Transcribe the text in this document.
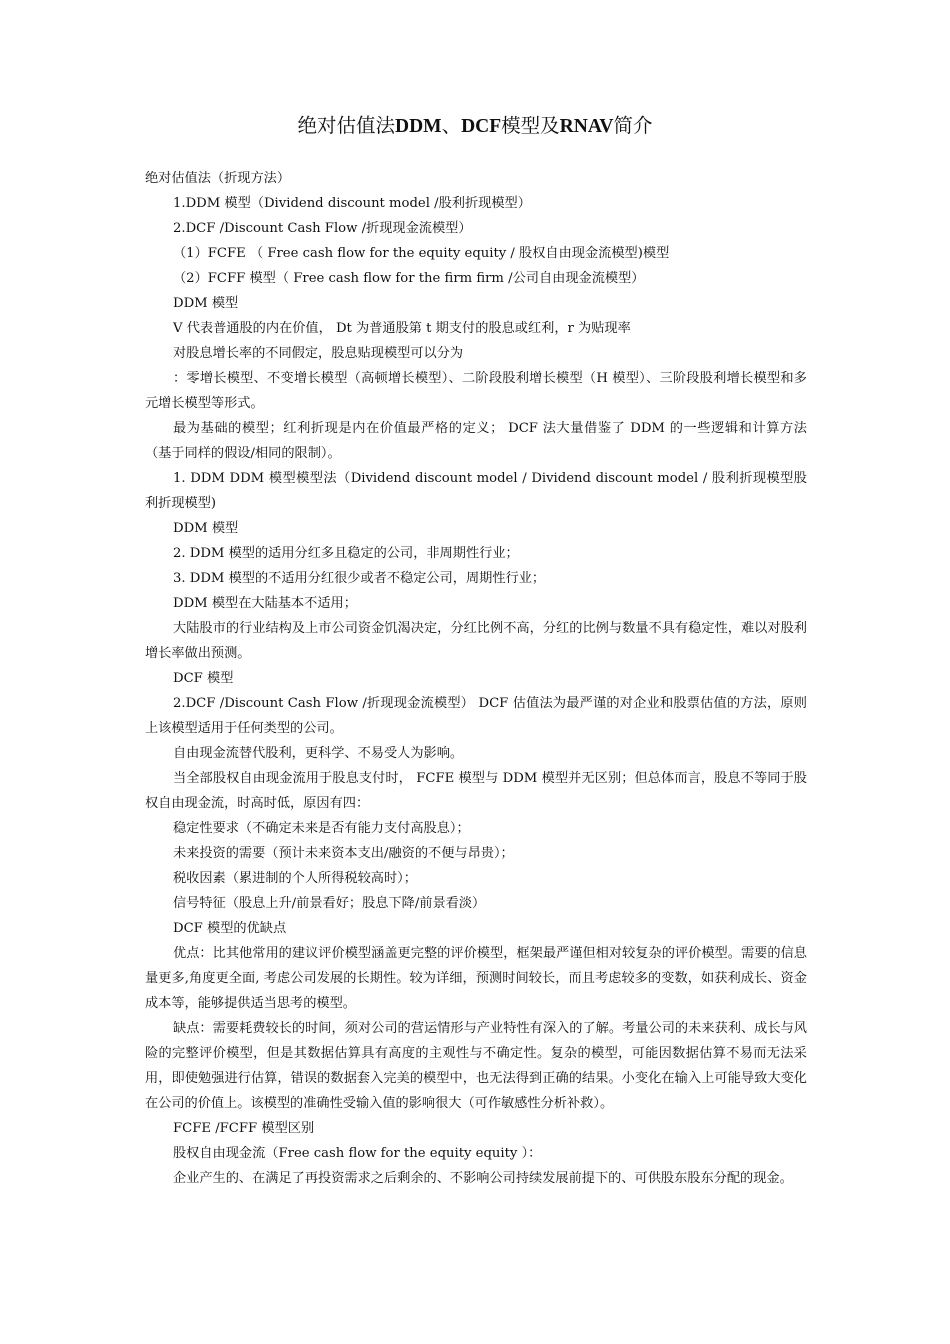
绝对估值法DDM、DCF模型及RNAV简介

绝对估值法（折现方法）

1.DDM 模型（Dividend discount model /股利折现模型）

2.DCF /Discount Cash Flow /折现现金流模型）

（1）FCFE （ Free cash flow for the equity equity / 股权自由现金流模型)模型

（2）FCFF 模型（ Free cash flow for the firm firm /公司自由现金流模型）

DDM 模型

V 代表普通股的内在价值， Dt 为普通股第 t 期支付的股息或红利，r 为贴现率

对股息增长率的不同假定，股息贴现模型可以分为

：零增长模型、不变增长模型（高顿增长模型）、二阶段股利增长模型（H 模型）、三阶段股利增长模型和多元增长模型等形式。

最为基础的模型；红利折现是内在价值最严格的定义； DCF 法大量借鉴了 DDM 的一些逻辑和计算方法（基于同样的假设/相同的限制）。

1. DDM DDM 模型模型法（Dividend discount model / Dividend discount model / 股利折现模型股利折现模型)

DDM 模型

2. DDM 模型的适用分红多且稳定的公司，非周期性行业；

3. DDM 模型的不适用分红很少或者不稳定公司，周期性行业；

DDM 模型在大陆基本不适用；

大陆股市的行业结构及上市公司资金饥渴决定，分红比例不高，分红的比例与数量不具有稳定性，难以对股利增长率做出预测。

DCF 模型

2.DCF /Discount Cash Flow /折现现金流模型） DCF 估值法为最严谨的对企业和股票估值的方法，原则上该模型适用于任何类型的公司。

自由现金流替代股利，更科学、不易受人为影响。

当全部股权自由现金流用于股息支付时， FCFE 模型与 DDM 模型并无区别；但总体而言，股息不等同于股权自由现金流，时高时低，原因有四：

稳定性要求（不确定未来是否有能力支付高股息）；

未来投资的需要（预计未来资本支出/融资的不便与昂贵）；

税收因素（累进制的个人所得税较高时）；

信号特征（股息上升/前景看好；股息下降/前景看淡）

DCF 模型的优缺点

优点：比其他常用的建议评价模型涵盖更完整的评价模型，框架最严谨但相对较复杂的评价模型。需要的信息量更多,角度更全面, 考虑公司发展的长期性。较为详细，预测时间较长，而且考虑较多的变数，如获利成长、资金成本等，能够提供适当思考的模型。

缺点：需要耗费较长的时间，须对公司的营运情形与产业特性有深入的了解。考量公司的未来获利、成长与风险的完整评价模型，但是其数据估算具有高度的主观性与不确定性。复杂的模型，可能因数据估算不易而无法采用，即使勉强进行估算，错误的数据套入完美的模型中，也无法得到正确的结果。小变化在输入上可能导致大变化在公司的价值上。该模型的准确性受输入值的影响很大（可作敏感性分析补救）。

FCFE /FCFF 模型区别

股权自由现金流（Free cash flow for the equity equity ）：

企业产生的、在满足了再投资需求之后剩余的、不影响公司持续发展前提下的、可供股东股东分配的现金。
